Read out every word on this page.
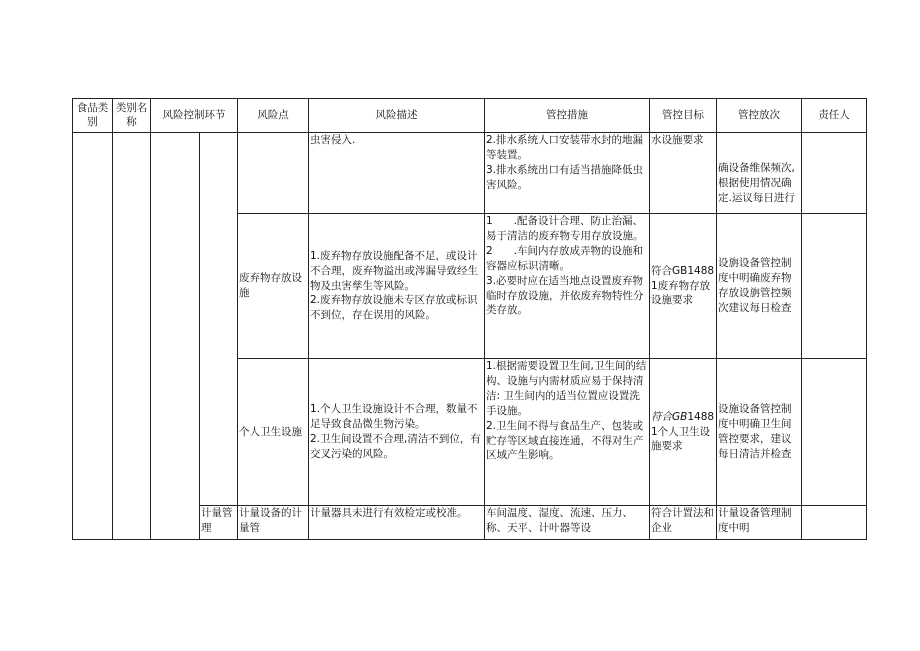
食品类别	类别名称	风险控制环节		风险点	风险描述	管控措施	管控目标	管控放次	责任人
					虫害侵入.	2.排水系统人口安装带水封的地漏等装置。
3.排水系统出口有适当措施降低虫害风险。	水设施要求	确设备维保频次,根据使用情况确定.运议每日进行	
				废弃物存放设施	1.废弃物存放设施配备不足，或设计不合理，废弃物溢出或涔漏导致经生物及虫害孳生等风险。
2.废弃物存放设施未专区存放或标识不到位，存在误用的风险。	1　　.配备设计合理、防止治漏、易于清洁的废弃物专用存放设施。
2　　.车间内存放成弄物的设施和容器应标识清晰。
3.必要时应在适当地点设置废弃物临时存放设施，并依废弃物特性分类存放。	符合GB14881废弃物存放设施要求	设旃设备管控制度中明确废弃物存放设旃管控频次建议每日检查	
				个人卫生设施	1.个人卫生设施设计不合理，数量不足导致食品微生物污染。
2.卫生间设置不合理,清洁不到位，有交叉污染的风险。	1.根据需要设置卫生间,卫生间的结构、设施与内需材质应易于保持清洁: 卫生间内的适当位置应设置洗手设施。
2.卫生间不得与食品生产、包装或贮存等区域直接连通，不得对生产区域产生影响。	符合GB14881个人卫生设施要求	设施设备管控制度中明确卫生间管控要求，建议每日清洁并检查	
			计量管理	计量设备的计量管	计量器具未进行有效检定或校准。	车间温度、湿度、流速、压力、称、天平、计叶器等设	符合计置法和企业	计量设备管理制度中明	
